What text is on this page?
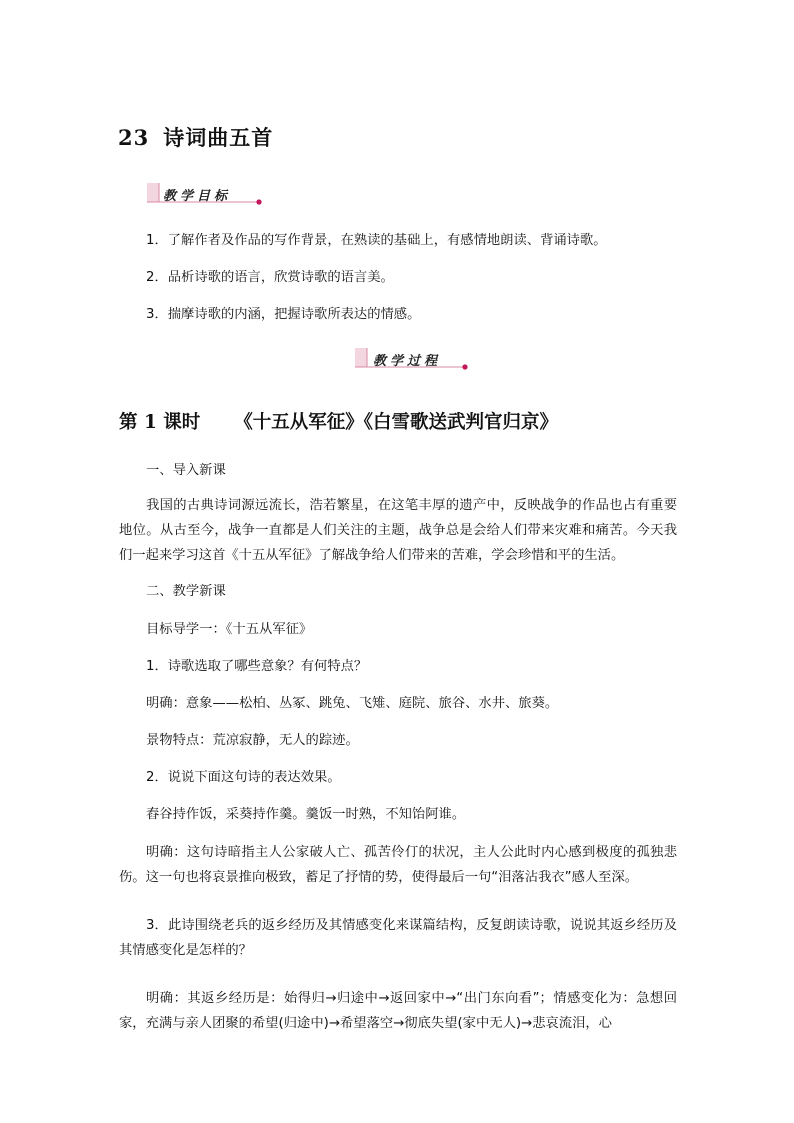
23 诗词曲五首
教学目标
1．了解作者及作品的写作背景，在熟读的基础上，有感情地朗读、背诵诗歌。
2．品析诗歌的语言，欣赏诗歌的语言美。
3．揣摩诗歌的内涵，把握诗歌所表达的情感。
教学过程
第 1 课时 《十五从军征》《白雪歌送武判官归京》
一、导入新课
我国的古典诗词源远流长，浩若繁星，在这笔丰厚的遗产中，反映战争的作品也占有重要地位。从古至今，战争一直都是人们关注的主题，战争总是会给人们带来灾难和痛苦。今天我们一起来学习这首《十五从军征》了解战争给人们带来的苦难，学会珍惜和平的生活。
二、教学新课
目标导学一：《十五从军征》
1．诗歌选取了哪些意象？有何特点？
明确：意象——松柏、丛冢、跳兔、飞雉、庭院、旅谷、水井、旅葵。
景物特点：荒凉寂静，无人的踪迹。
2．说说下面这句诗的表达效果。
舂谷持作饭，采葵持作羹。羹饭一时熟，不知饴阿谁。
明确：这句诗暗指主人公家破人亡、孤苦伶仃的状况，主人公此时内心感到极度的孤独悲伤。这一句也将哀景推向极致，蓄足了抒情的势，使得最后一句“泪落沾我衣”感人至深。
3．此诗围绕老兵的返乡经历及其情感变化来谋篇结构，反复朗读诗歌，说说其返乡经历及其情感变化是怎样的？
明确：其返乡经历是：始得归→归途中→返回家中→“出门东向看”；情感变化为：急想回家，充满与亲人团聚的希望(归途中)→希望落空→彻底失望(家中无人)→悲哀流泪，心
